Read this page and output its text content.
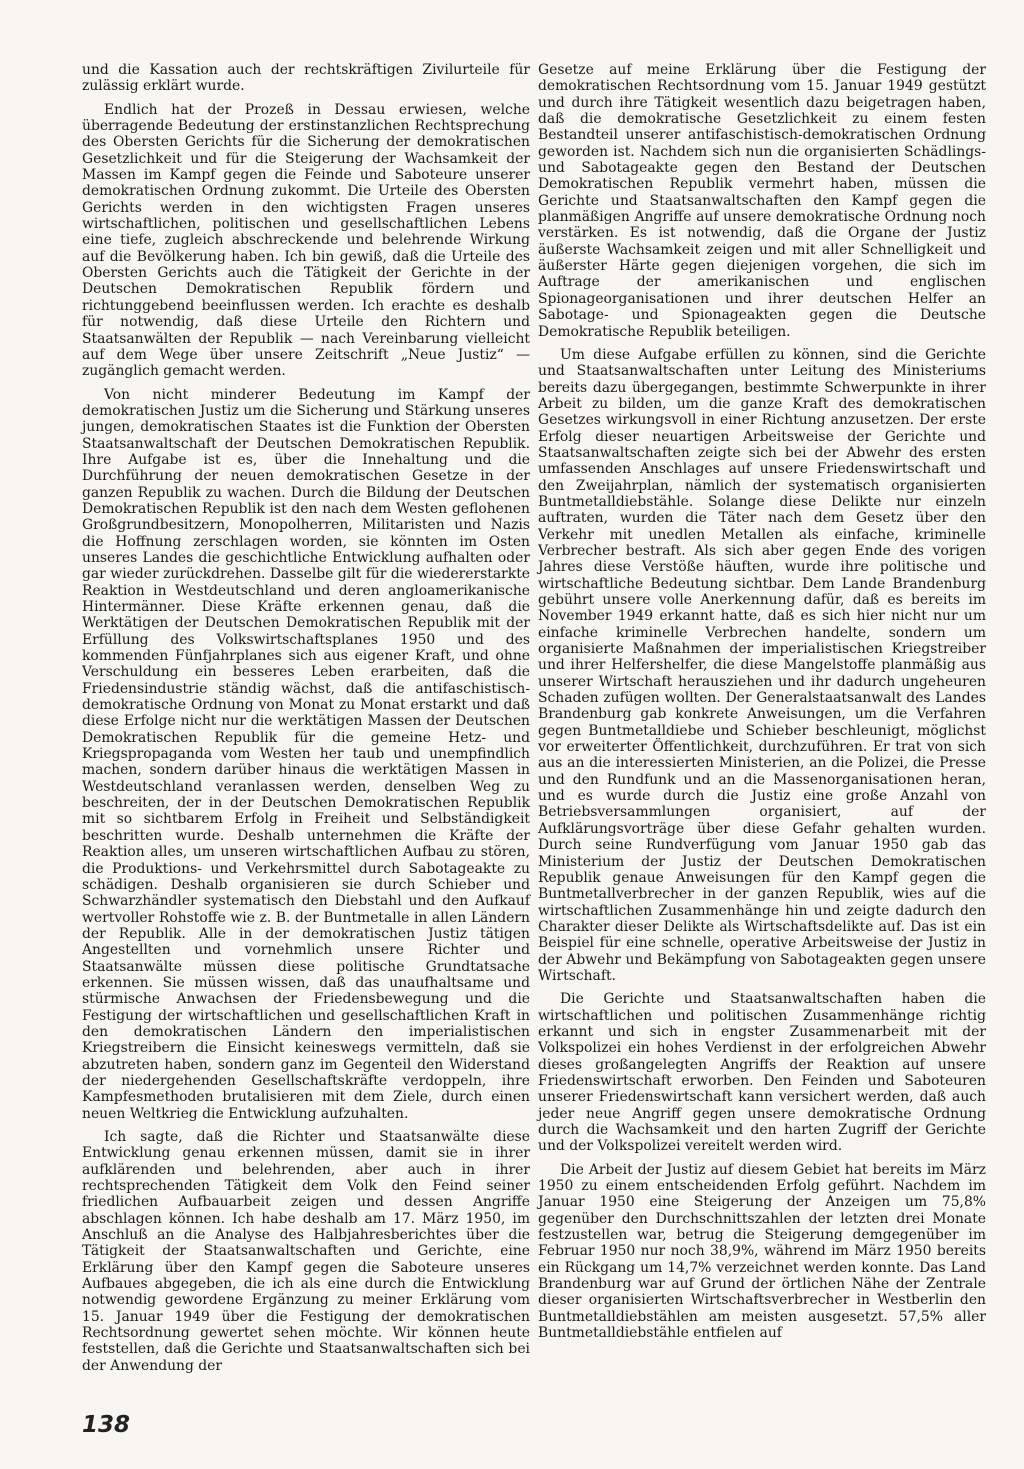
und die Kassation auch der rechtskräftigen Zivilurteile für zulässig erklärt wurde.

Endlich hat der Prozeß in Dessau erwiesen, welche überragende Bedeutung der erstinstanzlichen Rechtsprechung des Obersten Gerichts für die Sicherung der demokratischen Gesetzlichkeit und für die Steigerung der Wachsamkeit der Massen im Kampf gegen die Feinde und Saboteure unserer demokratischen Ordnung zukommt. Die Urteile des Obersten Gerichts werden in den wichtigsten Fragen unseres wirtschaftlichen, politischen und gesellschaftlichen Lebens eine tiefe, zugleich abschreckende und belehrende Wirkung auf die Bevölkerung haben. Ich bin gewiß, daß die Urteile des Obersten Gerichts auch die Tätigkeit der Gerichte in der Deutschen Demokratischen Republik fördern und richtunggebend beeinflussen werden. Ich erachte es deshalb für notwendig, daß diese Urteile den Richtern und Staatsanwälten der Republik — nach Vereinbarung vielleicht auf dem Wege über unsere Zeitschrift „Neue Justiz“ — zugänglich gemacht werden.

Von nicht minderer Bedeutung im Kampf der demokratischen Justiz um die Sicherung und Stärkung unseres jungen, demokratischen Staates ist die Funktion der Obersten Staatsanwaltschaft der Deutschen Demokratischen Republik. Ihre Aufgabe ist es, über die Innehaltung und die Durchführung der neuen demokratischen Gesetze in der ganzen Republik zu wachen. Durch die Bildung der Deutschen Demokratischen Republik ist den nach dem Westen geflohenen Großgrundbesitzern, Monopolherren, Militaristen und Nazis die Hoffnung zerschlagen worden, sie könnten im Osten unseres Landes die geschichtliche Entwicklung aufhalten oder gar wieder zurückdrehen. Dasselbe gilt für die wiedererstarkte Reaktion in Westdeutschland und deren angloamerikanische Hintermänner. Diese Kräfte erkennen genau, daß die Werktätigen der Deutschen Demokratischen Republik mit der Erfüllung des Volkswirtschaftsplanes 1950 und des kommenden Fünfjahrplanes sich aus eigener Kraft, und ohne Verschuldung ein besseres Leben erarbeiten, daß die Friedensindustrie ständig wächst, daß die antifaschistisch-demokratische Ordnung von Monat zu Monat erstarkt und daß diese Erfolge nicht nur die werktätigen Massen der Deutschen Demokratischen Republik für die gemeine Hetz- und Kriegspropaganda vom Westen her taub und unempfindlich machen, sondern darüber hinaus die werktätigen Massen in Westdeutschland veranlassen werden, denselben Weg zu beschreiten, der in der Deutschen Demokratischen Republik mit so sichtbarem Erfolg in Freiheit und Selbständigkeit beschritten wurde. Deshalb unternehmen die Kräfte der Reaktion alles, um unseren wirtschaftlichen Aufbau zu stören, die Produktions- und Verkehrsmittel durch Sabotageakte zu schädigen. Deshalb organisieren sie durch Schieber und Schwarzhändler systematisch den Diebstahl und den Aufkauf wertvoller Rohstoffe wie z. B. der Buntmetalle in allen Ländern der Republik. Alle in der demokratischen Justiz tätigen Angestellten und vornehmlich unsere Richter und Staatsanwälte müssen diese politische Grundtatsache erkennen. Sie müssen wissen, daß das unaufhaltsame und stürmische Anwachsen der Friedensbewegung und die Festigung der wirtschaftlichen und gesellschaftlichen Kraft in den demokratischen Ländern den imperialistischen Kriegstreibern die Einsicht keineswegs vermitteln, daß sie abzutreten haben, sondern ganz im Gegenteil den Widerstand der niedergehenden Gesellschaftskräfte verdoppeln, ihre Kampfesmethoden brutalisieren mit dem Ziele, durch einen neuen Weltkrieg die Entwicklung aufzuhalten.

Ich sagte, daß die Richter und Staatsanwälte diese Entwicklung genau erkennen müssen, damit sie in ihrer aufklärenden und belehrenden, aber auch in ihrer rechtsprechenden Tätigkeit dem Volk den Feind seiner friedlichen Aufbauarbeit zeigen und dessen Angriffe abschlagen können. Ich habe deshalb am 17. März 1950, im Anschluß an die Analyse des Halbjahresberichtes über die Tätigkeit der Staatsanwaltschaften und Gerichte, eine Erklärung über den Kampf gegen die Saboteure unseres Aufbaues abgegeben, die ich als eine durch die Entwicklung notwendig gewordene Ergänzung zu meiner Erklärung vom 15. Januar 1949 über die Festigung der demokratischen Rechtsordnung gewertet sehen möchte. Wir können heute feststellen, daß die Gerichte und Staatsanwaltschaften sich bei der Anwendung der

Gesetze auf meine Erklärung über die Festigung der demokratischen Rechtsordnung vom 15. Januar 1949 gestützt und durch ihre Tätigkeit wesentlich dazu beigetragen haben, daß die demokratische Gesetzlichkeit zu einem festen Bestandteil unserer antifaschistisch-demokratischen Ordnung geworden ist. Nachdem sich nun die organisierten Schädlings- und Sabotageakte gegen den Bestand der Deutschen Demokratischen Republik vermehrt haben, müssen die Gerichte und Staatsanwaltschaften den Kampf gegen die planmäßigen Angriffe auf unsere demokratische Ordnung noch verstärken. Es ist notwendig, daß die Organe der Justiz äußerste Wachsamkeit zeigen und mit aller Schnelligkeit und äußerster Härte gegen diejenigen vorgehen, die sich im Auftrage der amerikanischen und englischen Spionageorganisationen und ihrer deutschen Helfer an Sabotage- und Spionageakten gegen die Deutsche Demokratische Republik beteiligen.

Um diese Aufgabe erfüllen zu können, sind die Gerichte und Staatsanwaltschaften unter Leitung des Ministeriums bereits dazu übergegangen, bestimmte Schwerpunkte in ihrer Arbeit zu bilden, um die ganze Kraft des demokratischen Gesetzes wirkungsvoll in einer Richtung anzusetzen. Der erste Erfolg dieser neuartigen Arbeitsweise der Gerichte und Staatsanwaltschaften zeigte sich bei der Abwehr des ersten umfassenden Anschlages auf unsere Friedenswirtschaft und den Zweijahrplan, nämlich der systematisch organisierten Buntmetalldiebstähle. Solange diese Delikte nur einzeln auftraten, wurden die Täter nach dem Gesetz über den Verkehr mit unedlen Metallen als einfache, kriminelle Verbrecher bestraft. Als sich aber gegen Ende des vorigen Jahres diese Verstöße häuften, wurde ihre politische und wirtschaftliche Bedeutung sichtbar. Dem Lande Brandenburg gebührt unsere volle Anerkennung dafür, daß es bereits im November 1949 erkannt hatte, daß es sich hier nicht nur um einfache kriminelle Verbrechen handelte, sondern um organisierte Maßnahmen der imperialistischen Kriegstreiber und ihrer Helfershelfer, die diese Mangelstoffe planmäßig aus unserer Wirtschaft herausziehen und ihr dadurch ungeheuren Schaden zufügen wollten. Der Generalstaatsanwalt des Landes Brandenburg gab konkrete Anweisungen, um die Verfahren gegen Buntmetalldiebe und Schieber beschleunigt, möglichst vor erweiterter Öffentlichkeit, durchzuführen. Er trat von sich aus an die interessierten Ministerien, an die Polizei, die Presse und den Rundfunk und an die Massenorganisationen heran, und es wurde durch die Justiz eine große Anzahl von Betriebsversammlungen organisiert, auf der Aufklärungsvorträge über diese Gefahr gehalten wurden. Durch seine Rundverfügung vom Januar 1950 gab das Ministerium der Justiz der Deutschen Demokratischen Republik genaue Anweisungen für den Kampf gegen die Buntmetallverbrecher in der ganzen Republik, wies auf die wirtschaftlichen Zusammenhänge hin und zeigte dadurch den Charakter dieser Delikte als Wirtschaftsdelikte auf. Das ist ein Beispiel für eine schnelle, operative Arbeitsweise der Justiz in der Abwehr und Bekämpfung von Sabotageakten gegen unsere Wirtschaft.

Die Gerichte und Staatsanwaltschaften haben die wirtschaftlichen und politischen Zusammenhänge richtig erkannt und sich in engster Zusammenarbeit mit der Volkspolizei ein hohes Verdienst in der erfolgreichen Abwehr dieses großangelegten Angriffs der Reaktion auf unsere Friedenswirtschaft erworben. Den Feinden und Saboteuren unserer Friedenswirtschaft kann versichert werden, daß auch jeder neue Angriff gegen unsere demokratische Ordnung durch die Wachsamkeit und den harten Zugriff der Gerichte und der Volkspolizei vereitelt werden wird.

Die Arbeit der Justiz auf diesem Gebiet hat bereits im März 1950 zu einem entscheidenden Erfolg geführt. Nachdem im Januar 1950 eine Steigerung der Anzeigen um 75,8% gegenüber den Durchschnittszahlen der letzten drei Monate festzustellen war, betrug die Steigerung demgegenüber im Februar 1950 nur noch 38,9%, während im März 1950 bereits ein Rückgang um 14,7% verzeichnet werden konnte. Das Land Brandenburg war auf Grund der örtlichen Nähe der Zentrale dieser organisierten Wirtschaftsverbrecher in Westberlin den Buntmetalldiebstählen am meisten ausgesetzt. 57,5% aller Buntmetalldiebstähle entfielen auf

138
